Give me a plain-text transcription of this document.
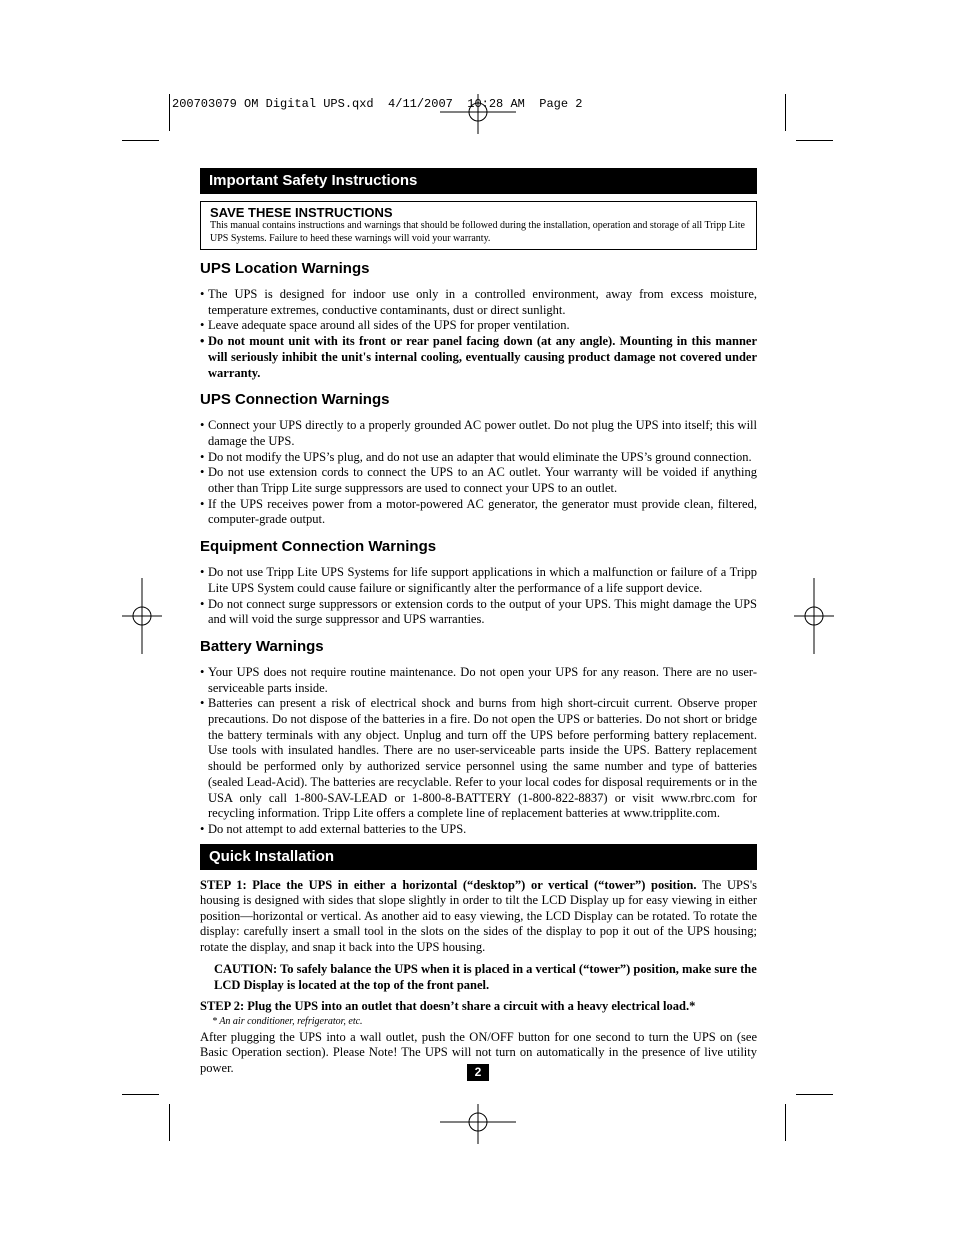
200703079 OM Digital UPS.qxd  4/11/2007  10:28 AM  Page 2
Important Safety Instructions
SAVE THESE INSTRUCTIONS
This manual contains instructions and warnings that should be followed during the installation, operation and storage of all Tripp Lite UPS Systems. Failure to heed these warnings will void your warranty.
UPS Location Warnings
• The UPS is designed for indoor use only in a controlled environment, away from excess moisture, temperature extremes, conductive contaminants, dust or direct sunlight.
• Leave adequate space around all sides of the UPS for proper ventilation.
• Do not mount unit with its front or rear panel facing down (at any angle). Mounting in this manner will seriously inhibit the unit's internal cooling, eventually causing product damage not covered under warranty.
UPS Connection Warnings
• Connect your UPS directly to a properly grounded AC power outlet. Do not plug the UPS into itself; this will damage the UPS.
• Do not modify the UPS’s plug, and do not use an adapter that would eliminate the UPS’s ground connection.
• Do not use extension cords to connect the UPS to an AC outlet. Your warranty will be voided if anything other than Tripp Lite surge suppressors are used to connect your UPS to an outlet.
• If the UPS receives power from a motor-powered AC generator, the generator must provide clean, filtered, computer-grade output.
Equipment Connection Warnings
• Do not use Tripp Lite UPS Systems for life support applications in which a malfunction or failure of a Tripp Lite UPS System could cause failure or significantly alter the performance of a life support device.
• Do not connect surge suppressors or extension cords to the output of your UPS. This might damage the UPS and will void the surge suppressor and UPS warranties.
Battery Warnings
• Your UPS does not require routine maintenance. Do not open your UPS for any reason. There are no user-serviceable parts inside.
• Batteries can present a risk of electrical shock and burns from high short-circuit current. Observe proper precautions. Do not dispose of the batteries in a fire. Do not open the UPS or batteries. Do not short or bridge the battery terminals with any object. Unplug and turn off the UPS before performing battery replacement. Use tools with insulated handles. There are no user-serviceable parts inside the UPS. Battery replacement should be performed only by authorized service personnel using the same number and type of batteries (sealed Lead-Acid). The batteries are recyclable. Refer to your local codes for disposal requirements or in the USA only call 1-800-SAV-LEAD or 1-800-8-BATTERY (1-800-822-8837) or visit www.rbrc.com for recycling information. Tripp Lite offers a complete line of replacement batteries at www.tripplite.com.
• Do not attempt to add external batteries to the UPS.
Quick Installation

STEP 1: Place the UPS in either a horizontal (“desktop”) or vertical (“tower”) position. The UPS's housing is designed with sides that slope slightly in order to tilt the LCD Display up for easy viewing in either position—horizontal or vertical. As another aid to easy viewing, the LCD Display can be rotated. To rotate the display: carefully insert a small tool in the slots on the sides of the display to pop it out of the UPS housing; rotate the display, and snap it back into the UPS housing.

CAUTION: To safely balance the UPS when it is placed in a vertical (“tower”) position, make sure the LCD Display is located at the top of the front panel.

STEP 2: Plug the UPS into an outlet that doesn’t share a circuit with a heavy electrical load.*

* An air conditioner, refrigerator, etc.

After plugging the UPS into a wall outlet, push the ON/OFF button for one second to turn the UPS on (see Basic Operation section). Please Note! The UPS will not turn on automatically in the presence of live utility power.	2
